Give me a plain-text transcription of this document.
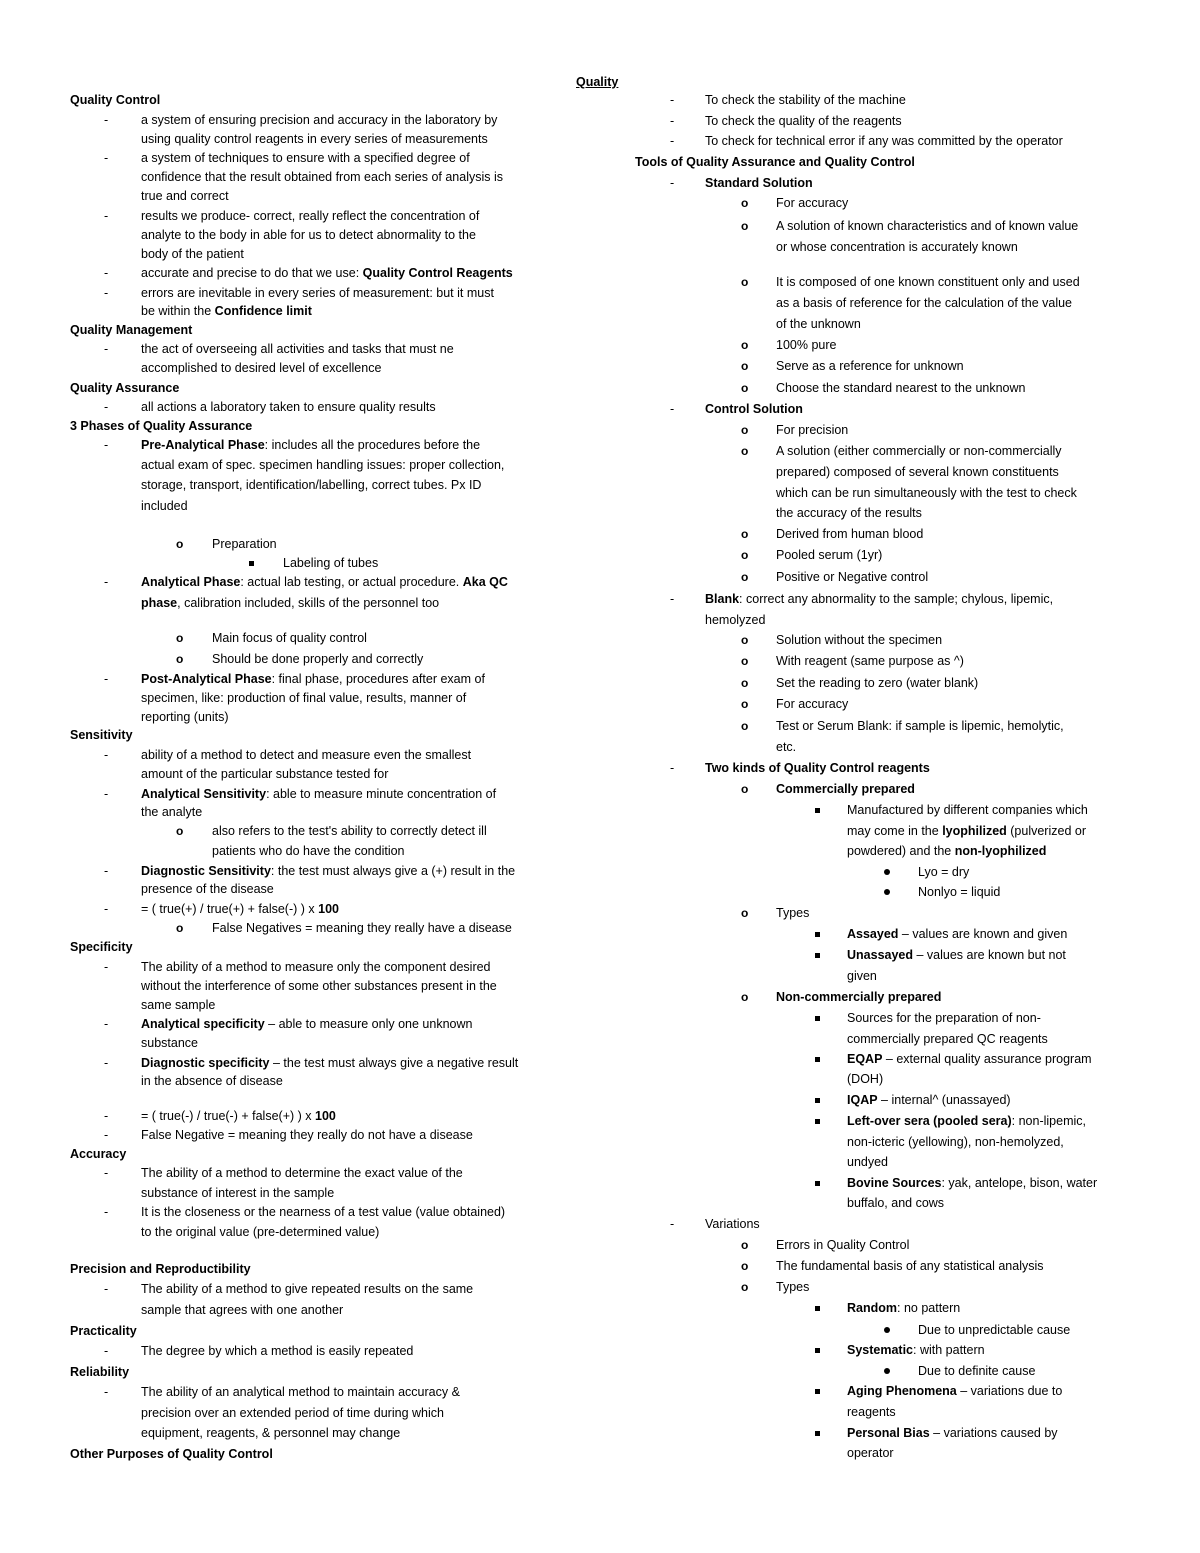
Quality
Quality Control
a system of ensuring precision and accuracy in the laboratory by
-
using quality control reagents in every series of measurements
a system of techniques to ensure with a specified degree of
-
confidence that the result obtained from each series of analysis is
true and correct
results we produce- correct, really reflect the concentration of
-
analyte to the body in able for us to detect abnormality to the
body of the patient
accurate and precise to do that we use: Quality Control Reagents
-
errors are inevitable in every series of measurement: but it must
-
be within the Confidence limit
Quality Management
the act of overseeing all activities and tasks that must ne
-
accomplished to desired level of excellence
Quality Assurance
all actions a laboratory taken to ensure quality results
-
3 Phases of Quality Assurance
Pre-Analytical Phase: includes all the procedures before the
-
actual exam of spec. specimen handling issues: proper collection,
storage, transport, identification/labelling, correct tubes. Px ID
included
Preparation
o
Labeling of tubes
Analytical Phase: actual lab testing, or actual procedure. Aka QC
-
phase, calibration included, skills of the personnel too
Main focus of quality control
o
Should be done properly and correctly
o
Post-Analytical Phase: final phase, procedures after exam of
-
specimen, like: production of final value, results, manner of
reporting (units)
Sensitivity
ability of a method to detect and measure even the smallest
-
amount of the particular substance tested for
Analytical Sensitivity: able to measure minute concentration of
-
the analyte
also refers to the test's ability to correctly detect ill
o
patients who do have the condition
Diagnostic Sensitivity: the test must always give a (+) result in the
-
presence of the disease
= ( true(+) / true(+) + false(-) ) x 100
-
False Negatives = meaning they really have a disease
o
Specificity
The ability of a method to measure only the component desired
-
without the interference of some other substances present in the
same sample
Analytical specificity – able to measure only one unknown
-
substance
Diagnostic specificity – the test must always give a negative result
-
in the absence of disease
= ( true(-) / true(-) + false(+) ) x 100
-
False Negative = meaning they really do not have a disease
-
Accuracy
The ability of a method to determine the exact value of the
-
substance of interest in the sample
It is the closeness or the nearness of a test value (value obtained)
-
to the original value (pre-determined value)
Precision and Reproductibility
The ability of a method to give repeated results on the same
-
sample that agrees with one another
Practicality
The degree by which a method is easily repeated
-
Reliability
The ability of an analytical method to maintain accuracy &
-
precision over an extended period of time during which
equipment, reagents, & personnel may change
Other Purposes of Quality Control
To check the stability of the machine
-
To check the quality of the reagents
-
To check for technical error if any was committed by the operator
-
Tools of Quality Assurance and Quality Control
Standard Solution
-
For accuracy
o
A solution of known characteristics and of known value
o
or whose concentration is accurately known
It is composed of one known constituent only and used
o
as a basis of reference for the calculation of the value
of the unknown
100% pure
o
Serve as a reference for unknown
o
Choose the standard nearest to the unknown
o
Control Solution
-
For precision
o
A solution (either commercially or non-commercially
o
prepared) composed of several known constituents
which can be run simultaneously with the test to check
the accuracy of the results
Derived from human blood
o
Pooled serum (1yr)
o
Positive or Negative control
o
Blank: correct any abnormality to the sample; chylous, lipemic,
-
hemolyzed
Solution without the specimen
o
With reagent (same purpose as ^)
o
Set the reading to zero (water blank)
o
For accuracy
o
Test or Serum Blank: if sample is lipemic, hemolytic,
o
etc.
Two kinds of Quality Control reagents
-
Commercially prepared
o
Manufactured by different companies which
may come in the lyophilized (pulverized or
powdered) and the non-lyophilized
Lyo = dry
Nonlyo = liquid
Types
o
Assayed – values are known and given
Unassayed – values are known but not
given
Non-commercially prepared
o
Sources for the preparation of non-
commercially prepared QC reagents
EQAP – external quality assurance program
(DOH)
IQAP – internal^ (unassayed)
Left-over sera (pooled sera): non-lipemic,
non-icteric (yellowing), non-hemolyzed,
undyed
Bovine Sources: yak, antelope, bison, water
buffalo, and cows
Variations
-
Errors in Quality Control
o
The fundamental basis of any statistical analysis
o
Types
o
Random: no pattern
Due to unpredictable cause
Systematic: with pattern
Due to definite cause
Aging Phenomena – variations due to
reagents
Personal Bias – variations caused by
operator
